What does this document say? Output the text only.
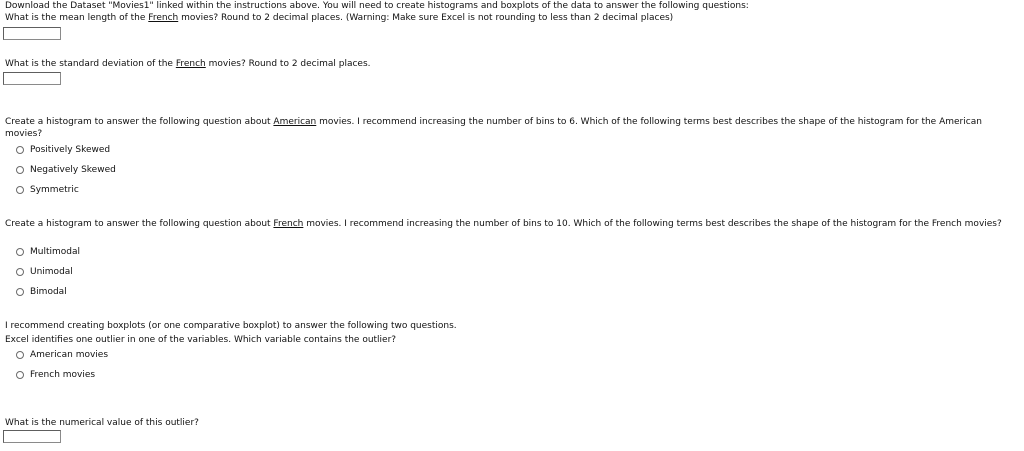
Download the Dataset "Movies1" linked within the instructions above. You will need to create histograms and boxplots of the data to answer the following questions:
What is the mean length of the French movies? Round to 2 decimal places. (Warning: Make sure Excel is not rounding to less than 2 decimal places)
What is the standard deviation of the French movies? Round to 2 decimal places.
Create a histogram to answer the following question about American movies. I recommend increasing the number of bins to 6. Which of the following terms best describes the shape of the histogram for the American movies?
Positively Skewed
Negatively Skewed
Symmetric
Create a histogram to answer the following question about French movies. I recommend increasing the number of bins to 10. Which of the following terms best describes the shape of the histogram for the French movies?
Multimodal
Unimodal
Bimodal
I recommend creating boxplots (or one comparative boxplot) to answer the following two questions.
Excel identifies one outlier in one of the variables. Which variable contains the outlier?
American movies
French movies
What is the numerical value of this outlier?
